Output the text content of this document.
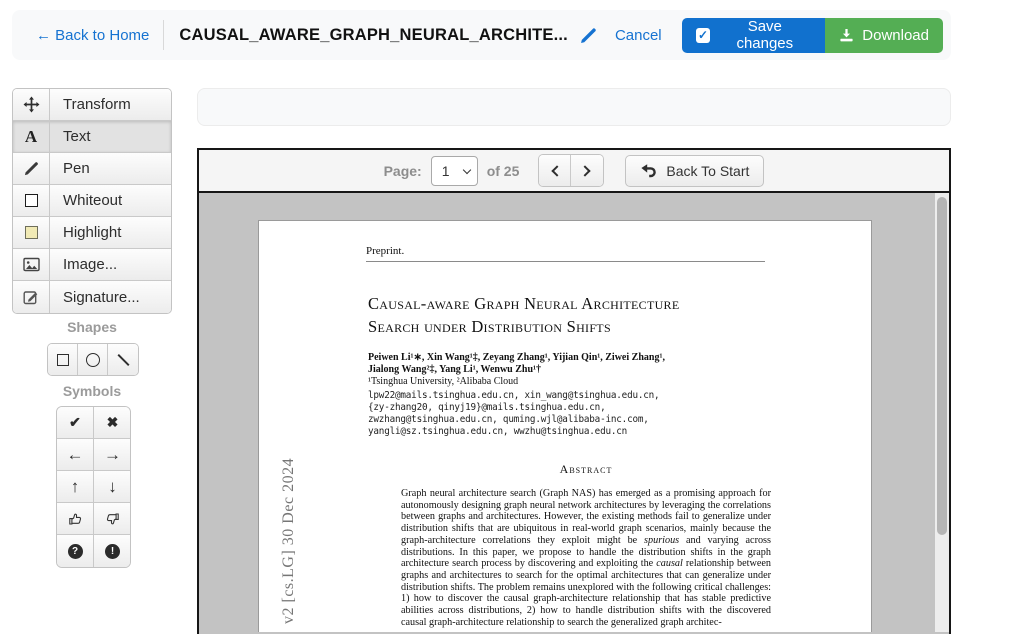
← Back to Home CAUSAL_AWARE_GRAPH_NEURAL_ARCHITE...	Cancel	✓	Save changes	Download
Transform
A	Text
Pen
Whiteout
Highlight
Image...
Signature...
Shapes
Symbols
✔ ✖
← →
↑ ↓
?	!
Page:
1	of 25	Back To Start
Preprint.
Causal-aware Graph Neural Architecture
Search under Distribution Shifts
Peiwen Li¹∗, Xin Wang¹‡, Zeyang Zhang¹, Yijian Qin¹, Ziwei Zhang¹,
Jialong Wang²‡, Yang Li¹, Wenwu Zhu¹†
¹Tsinghua University, ²Alibaba Cloud
lpw22@mails.tsinghua.edu.cn, xin_wang@tsinghua.edu.cn,
{zy-zhang20, qinyj19}@mails.tsinghua.edu.cn,
zwzhang@tsinghua.edu.cn, quming.wjl@alibaba-inc.com,
yangli@sz.tsinghua.edu.cn, wwzhu@tsinghua.edu.cn
Abstract
Graph neural architecture search (Graph NAS) has emerged as a promising approach for autonomously designing graph neural network architectures by leveraging the correlations between graphs and architectures. However, the existing methods fail to generalize under distribution shifts that are ubiquitous in real-world graph scenarios, mainly because the graph-architecture correlations they exploit might be spurious and varying across distributions. In this paper, we propose to handle the distribution shifts in the graph architecture search process by discovering and exploiting the causal relationship between graphs and architectures to search for the optimal architectures that can generalize under distribution shifts. The problem remains unexplored with the following critical challenges: 1) how to discover the causal graph-architecture relationship that has stable predictive abilities across distributions, 2) how to handle distribution shifts with the discovered causal graph-architecture relationship to search the generalized graph architec-
v2 [cs.LG] 30 Dec 2024
